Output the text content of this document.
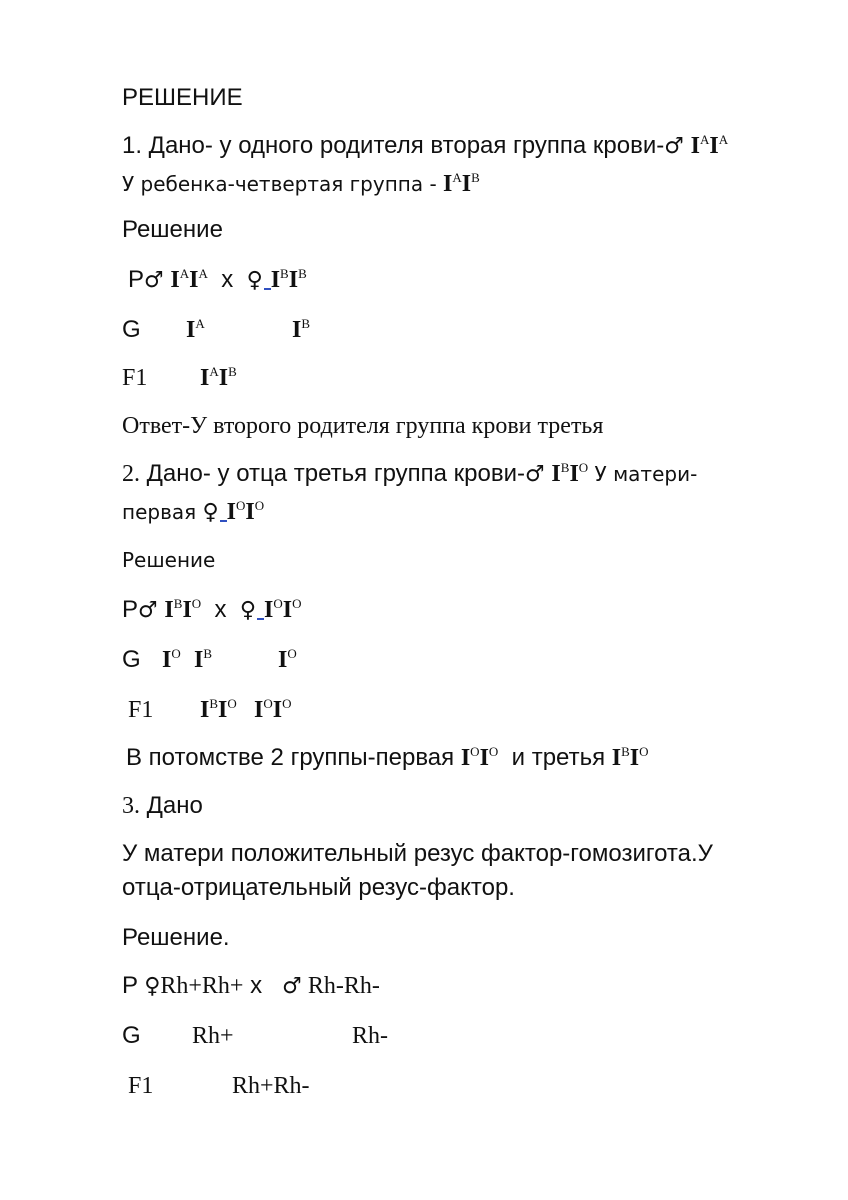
РЕШЕНИЕ
1. Дано- у одного родителя вторая группа крови-♂ $I^AI^A$
У ребенка-четвертая группа - $I^AI^B$
Решение
P♂ $I^AI^A$ x ♀ $I^BI^B$
G $I^A$	$I^B$
F1 $I^AI^B$
Ответ-У второго родителя группа крови третья
2. Дано- у отца третья группа крови-♂ $I^BI^O$ У матери-
первая ♀ $I^OI^O$
Решение
P♂ $I^BI^O$ x ♀ $I^OI^O$
G $I^O$ $I^B$	$I^O$
F1 $I^BI^O$ $I^OI^O$
В потомстве 2 группы-первая $I^OI^O$  и третья $I^BI^O$
3. Дано
У матери положительный резус фактор-гомозигота.У
отца-отрицательный резус-фактор.
Решение.
P ♀Rh+Rh+ x   ♂ Rh-Rh-
G Rh+	Rh-
F1	Rh+Rh-
